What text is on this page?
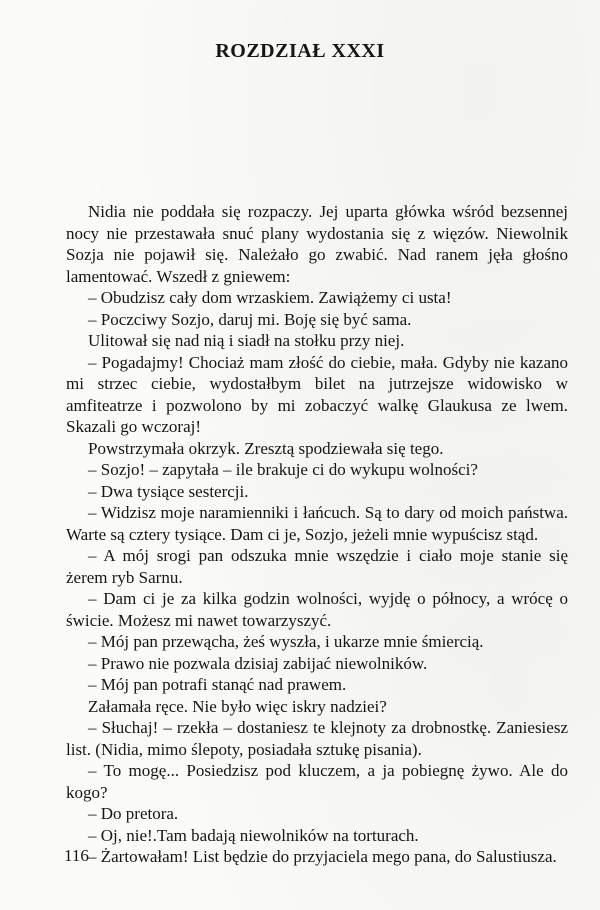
ROZDZIAŁ XXXI

Nidia nie poddała się rozpaczy. Jej uparta główka wśród bezsennej nocy nie przestawała snuć plany wydostania się z więzów. Niewolnik Sozja nie pojawił się. Należało go zwabić. Nad ranem jęła głośno lamentować. Wszedł z gniewem:

– Obudzisz cały dom wrzaskiem. Zawiążemy ci usta!

– Poczciwy Sozjo, daruj mi. Boję się być sama.

Ulitował się nad nią i siadł na stołku przy niej.

– Pogadajmy! Chociaż mam złość do ciebie, mała. Gdyby nie kazano mi strzec ciebie, wydostałbym bilet na jutrzejsze widowisko w amfiteatrze i pozwolono by mi zobaczyć walkę Glaukusa ze lwem. Skazali go wczoraj!

Powstrzymała okrzyk. Zresztą spodziewała się tego.

– Sozjo! – zapytała – ile brakuje ci do wykupu wolności?

– Dwa tysiące sestercji.

– Widzisz moje naramienniki i łańcuch. Są to dary od moich państwa. Warte są cztery tysiące. Dam ci je, Sozjo, jeżeli mnie wypuścisz stąd.

– A mój srogi pan odszuka mnie wszędzie i ciało moje stanie się żerem ryb Sarnu.

– Dam ci je za kilka godzin wolności, wyjdę o północy, a wrócę o świcie. Możesz mi nawet towarzyszyć.

– Mój pan przewącha, żeś wyszła, i ukarze mnie śmiercią.

– Prawo nie pozwala dzisiaj zabijać niewolników.

– Mój pan potrafi stanąć nad prawem.

Załamała ręce. Nie było więc iskry nadziei?

– Słuchaj! – rzekła – dostaniesz te klejnoty za drobnostkę. Zaniesiesz list. (Nidia, mimo ślepoty, posiadała sztukę pisania).

– To mogę... Posiedzisz pod kluczem, a ja pobiegnę żywo. Ale do kogo?

– Do pretora.

– Oj, nie!.Tam badają niewolników na torturach.

– Żartowałam! List będzie do przyjaciela mego pana, do Salustiusza.

116
